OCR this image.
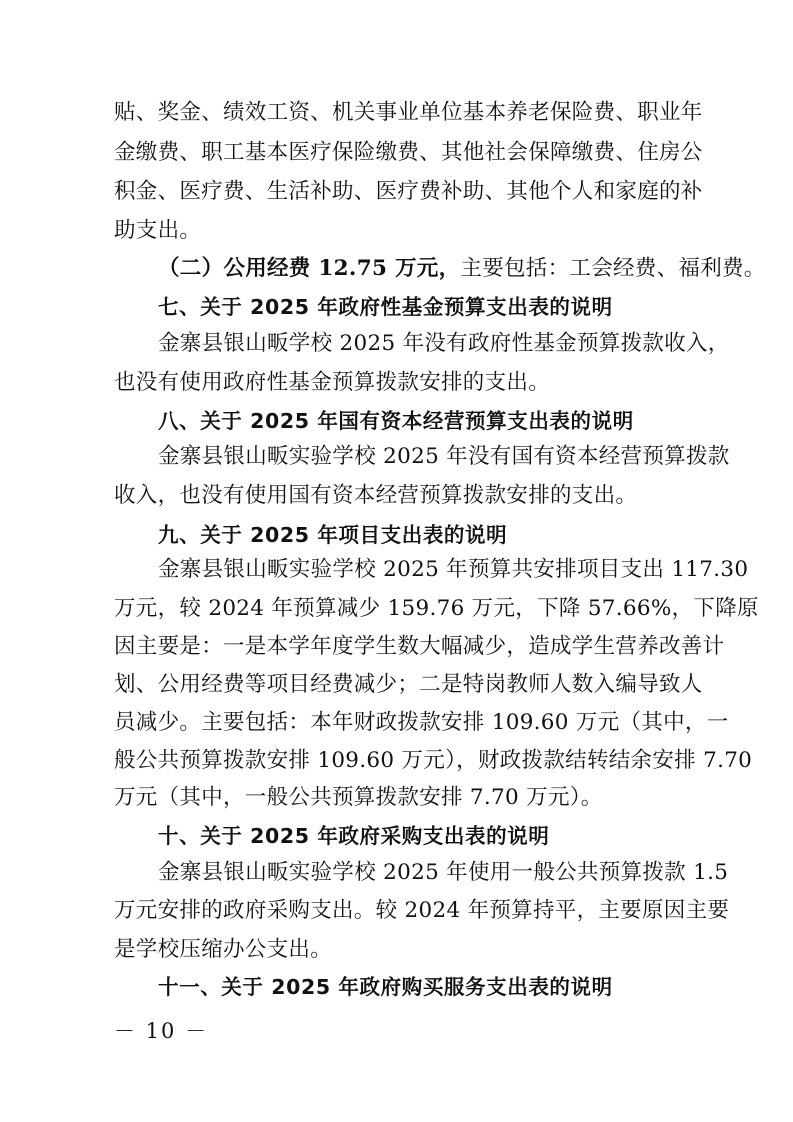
贴、奖金、绩效工资、机关事业单位基本养老保险费、职业年
金缴费、职工基本医疗保险缴费、其他社会保障缴费、住房公
积金、医疗费、生活补助、医疗费补助、其他个人和家庭的补
助支出。
（二）公用经费 12.75 万元，主要包括：工会经费、福利费。
七、关于 2025 年政府性基金预算支出表的说明
金寨县银山畈学校 2025 年没有政府性基金预算拨款收入，
也没有使用政府性基金预算拨款安排的支出。
八、关于 2025 年国有资本经营预算支出表的说明
金寨县银山畈实验学校 2025 年没有国有资本经营预算拨款
收入，也没有使用国有资本经营预算拨款安排的支出。
九、关于 2025 年项目支出表的说明
金寨县银山畈实验学校 2025 年预算共安排项目支出 117.30
万元，较 2024 年预算减少 159.76 万元，下降 57.66%，下降原
因主要是：一是本学年度学生数大幅减少，造成学生营养改善计
划、公用经费等项目经费减少；二是特岗教师人数入编导致人
员减少。主要包括：本年财政拨款安排 109.60 万元（其中，一
般公共预算拨款安排 109.60 万元），财政拨款结转结余安排 7.70
万元（其中，一般公共预算拨款安排 7.70 万元）。
十、关于 2025 年政府采购支出表的说明
金寨县银山畈实验学校 2025 年使用一般公共预算拨款 1.5
万元安排的政府采购支出。较 2024 年预算持平，主要原因主要
是学校压缩办公支出。
十一、关于 2025 年政府购买服务支出表的说明
－ 10 －
